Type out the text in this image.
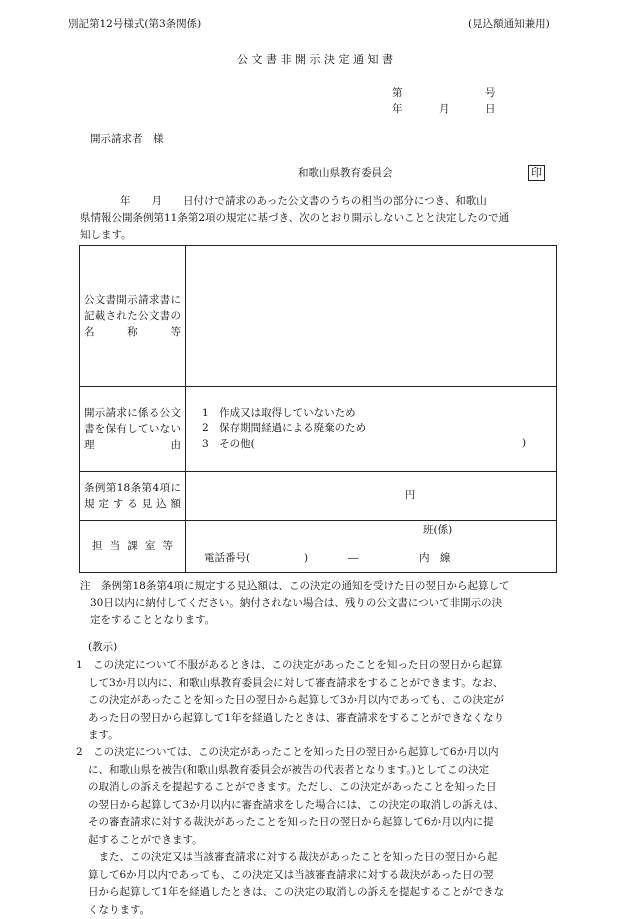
別記第12号様式(第3条関係)	(見込額通知兼用)
公 文 書 非 開 示 決 定 通 知 書
第	号
年	月	日
開示請求者　様
和歌山県教育委員会	印
年　　月　　日付けで請求のあった公文書のうちの相当の部分につき、和歌山
県情報公開条例第11条第2項の規定に基づき、次のとおり開示しないことと決定したので通
知します。
公文書開示請求書に記載された公文書の名称等	
開示請求に係る公文書を保有していない理由	1　作成又は取得していないため
2　保存期間経過による廃棄のため
3　その他( )

条例第18条第4項に規定する見込額	円
担当課室等	班(係)
電話番号( ) ― 内　線
注　条例第18条第4項に規定する見込額は、この決定の通知を受けた日の翌日から起算して
30日以内に納付してください。納付されない場合は、残りの公文書について非開示の決
定をすることとなります。
(教示)
1　この決定について不服があるときは、この決定があったことを知った日の翌日から起算
して3か月以内に、和歌山県教育委員会に対して審査請求をすることができます。なお、
この決定があったことを知った日の翌日から起算して3か月以内であっても、この決定が
あった日の翌日から起算して1年を経過したときは、審査請求をすることができなくなり
ます。
2　この決定については、この決定があったことを知った日の翌日から起算して6か月以内
に、和歌山県を被告(和歌山県教育委員会が被告の代表者となります。)としてこの決定
の取消しの訴えを提起することができます。ただし、この決定があったことを知った日
の翌日から起算して3か月以内に審査請求をした場合には、この決定の取消しの訴えは、
その審査請求に対する裁決があったことを知った日の翌日から起算して6か月以内に提
起することができます。
　また、この決定又は当該審査請求に対する裁決があったことを知った日の翌日から起
算して6か月以内であっても、この決定又は当該審査請求に対する裁決があった日の翌
日から起算して1年を経過したときは、この決定の取消しの訴えを提起することができな
くなります。
